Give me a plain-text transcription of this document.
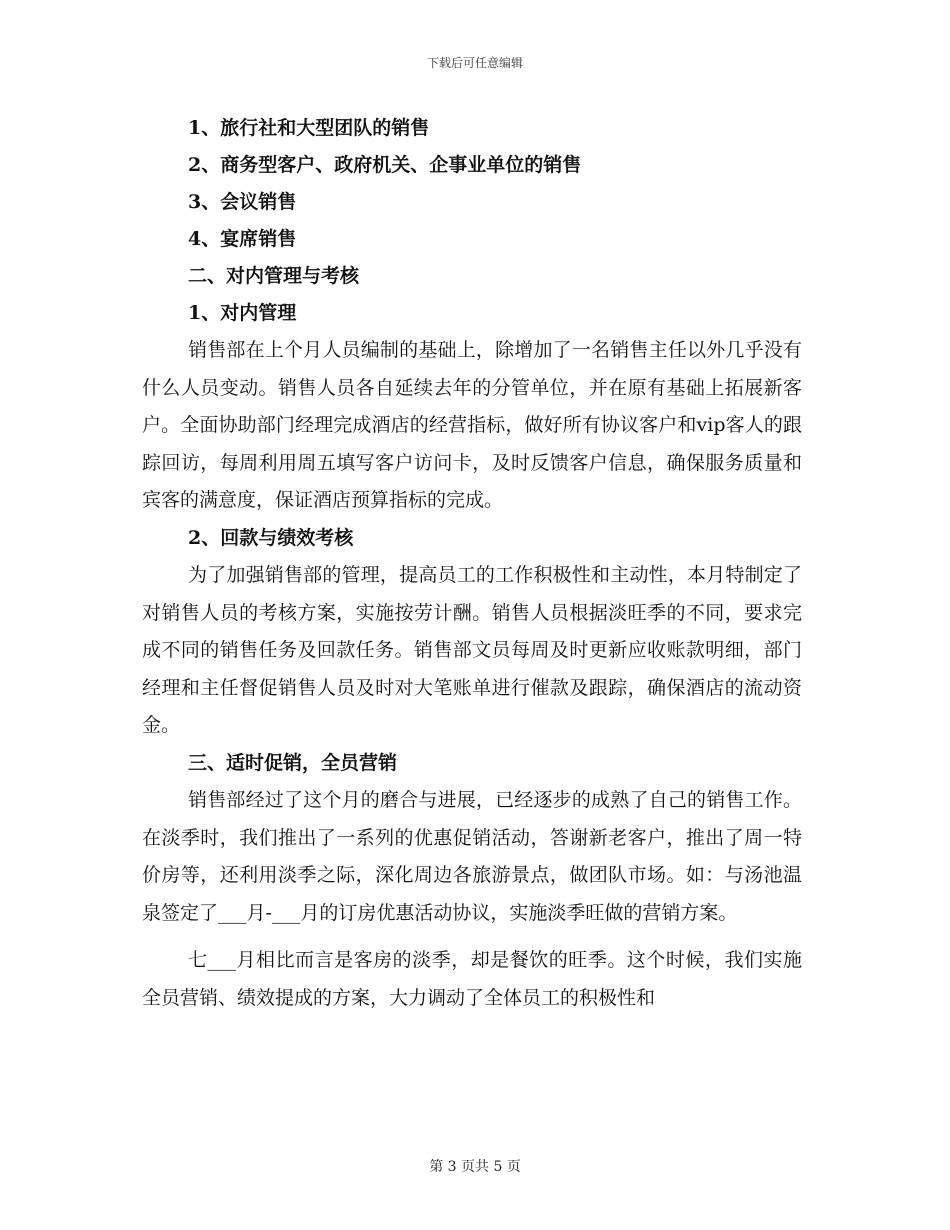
下载后可任意编辑
1、旅行社和大型团队的销售
2、商务型客户、政府机关、企事业单位的销售
3、会议销售
4、宴席销售
二、对内管理与考核
1、对内管理
销售部在上个月人员编制的基础上，除增加了一名销售主任以外几乎没有什么人员变动。销售人员各自延续去年的分管单位，并在原有基础上拓展新客户。全面协助部门经理完成酒店的经营指标，做好所有协议客户和vip客人的跟踪回访，每周利用周五填写客户访问卡，及时反馈客户信息，确保服务质量和宾客的满意度，保证酒店预算指标的完成。
2、回款与绩效考核
为了加强销售部的管理，提高员工的工作积极性和主动性，本月特制定了对销售人员的考核方案，实施按劳计酬。销售人员根据淡旺季的不同，要求完成不同的销售任务及回款任务。销售部文员每周及时更新应收账款明细，部门经理和主任督促销售人员及时对大笔账单进行催款及跟踪，确保酒店的流动资金。
三、适时促销，全员营销
销售部经过了这个月的磨合与进展，已经逐步的成熟了自己的销售工作。在淡季时，我们推出了一系列的优惠促销活动，答谢新老客户，推出了周一特价房等，还利用淡季之际，深化周边各旅游景点，做团队市场。如：与汤池温泉签定了___月-___月的订房优惠活动协议，实施淡季旺做的营销方案。
七___月相比而言是客房的淡季，却是餐饮的旺季。这个时候，我们实施全员营销、绩效提成的方案，大力调动了全体员工的积极性和
第 3 页共 5 页
